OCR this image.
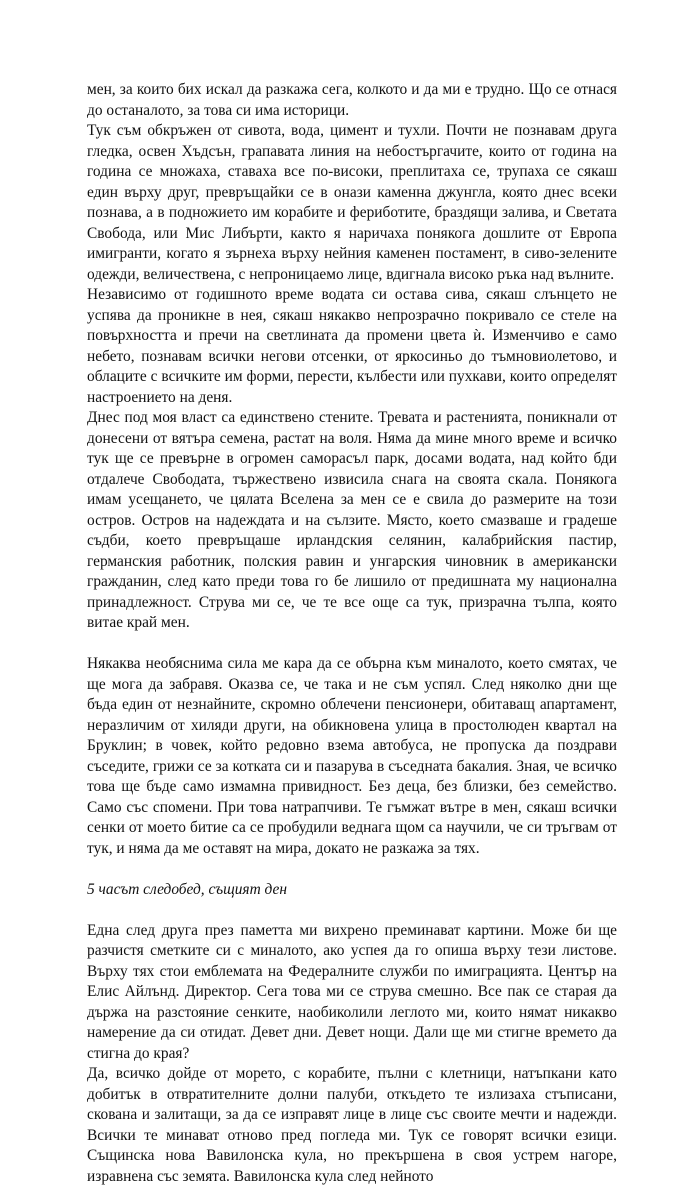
мен, за които бих искал да разкажа сега, колкото и да ми е трудно. Що се отнася до останалото, за това си има историци.

Тук съм обкръжен от сивота, вода, цимент и тухли. Почти не познавам друга гледка, освен Хъдсън, грапавата линия на небостъргачите, които от година на година се множаха, ставаха все по-високи, преплитаха се, трупаха се сякаш един върху друг, превръщайки се в онази каменна джунгла, която днес всеки познава, а в подножието им корабите и фериботите, браздящи залива, и Светата Свобода, или Мис Либърти, както я наричаха понякога дошлите от Европа имигранти, когато я зърнеха върху нейния каменен постамент, в сиво-зелените одежди, величествена, с непроницаемо лице, вдигнала високо ръка над вълните.

Независимо от годишното време водата си остава сива, сякаш слънцето не успява да проникне в нея, сякаш някакво непрозрачно покривало се стеле на повърхността и пречи на светлината да промени цвета ѝ. Изменчиво е само небето, познавам всички негови отсенки, от яркосиньо до тъмновиолетово, и облаците с всичките им форми, перести, кълбести или пухкави, които определят настроението на деня.

Днес под моя власт са единствено стените. Тревата и растенията, поникнали от донесени от вятъра семена, растат на воля. Няма да мине много време и всичко тук ще се превърне в огромен саморасъл парк, досами водата, над който бди отдалече Свободата, тържествено извисила снага на своята скала. Понякога имам усещането, че цялата Вселена за мен се е свила до размерите на този остров. Остров на надеждата и на сълзите. Място, което смазваше и градеше съдби, което превръщаше ирландския селянин, калабрийския пастир, германския работник, полския равин и унгарския чиновник в американски гражданин, след като преди това го бе лишило от предишната му национална принадлежност. Струва ми се, че те все още са тук, призрачна тълпа, която витае край мен.

Някаква необяснима сила ме кара да се обърна към миналото, което смятах, че ще мога да забравя. Оказва се, че така и не съм успял. След няколко дни ще бъда един от незнайните, скромно облечени пенсионери, обитаващ апартамент, неразличим от хиляди други, на обикновена улица в простолюден квартал на Бруклин; в човек, който редовно взема автобуса, не пропуска да поздрави съседите, грижи се за котката си и пазарува в съседната бакалия. Зная, че всичко това ще бъде само измамна привидност. Без деца, без близки, без семейство. Само със спомени. При това натрапчиви. Те гъмжат вътре в мен, сякаш всички сенки от моето битие са се пробудили веднага щом са научили, че си тръгвам от тук, и няма да ме оставят на мира, докато не разкажа за тях.

5 часът следобед, същият ден

Една след друга през паметта ми вихрено преминават картини. Може би ще разчистя сметките си с миналото, ако успея да го опиша върху тези листове. Върху тях стои емблемата на Федералните служби по имиграцията. Център на Елис Айлънд. Директор. Сега това ми се струва смешно. Все пак се старая да държа на разстояние сенките, наобиколили леглото ми, които нямат никакво намерение да си отидат. Девет дни. Девет нощи. Дали ще ми стигне времето да стигна до края?

Да, всичко дойде от морето, с корабите, пълни с клетници, натъпкани като добитък в отвратителните долни палуби, откъдето те излизаха стъписани, скована и залитащи, за да се изправят лице в лице със своите мечти и надежди. Всички те минават отново пред погледа ми. Тук се говорят всички езици. Същинска нова Вавилонска кула, но прекършена в своя устрем нагоре, изравнена със земята. Вавилонска кула след нейното
